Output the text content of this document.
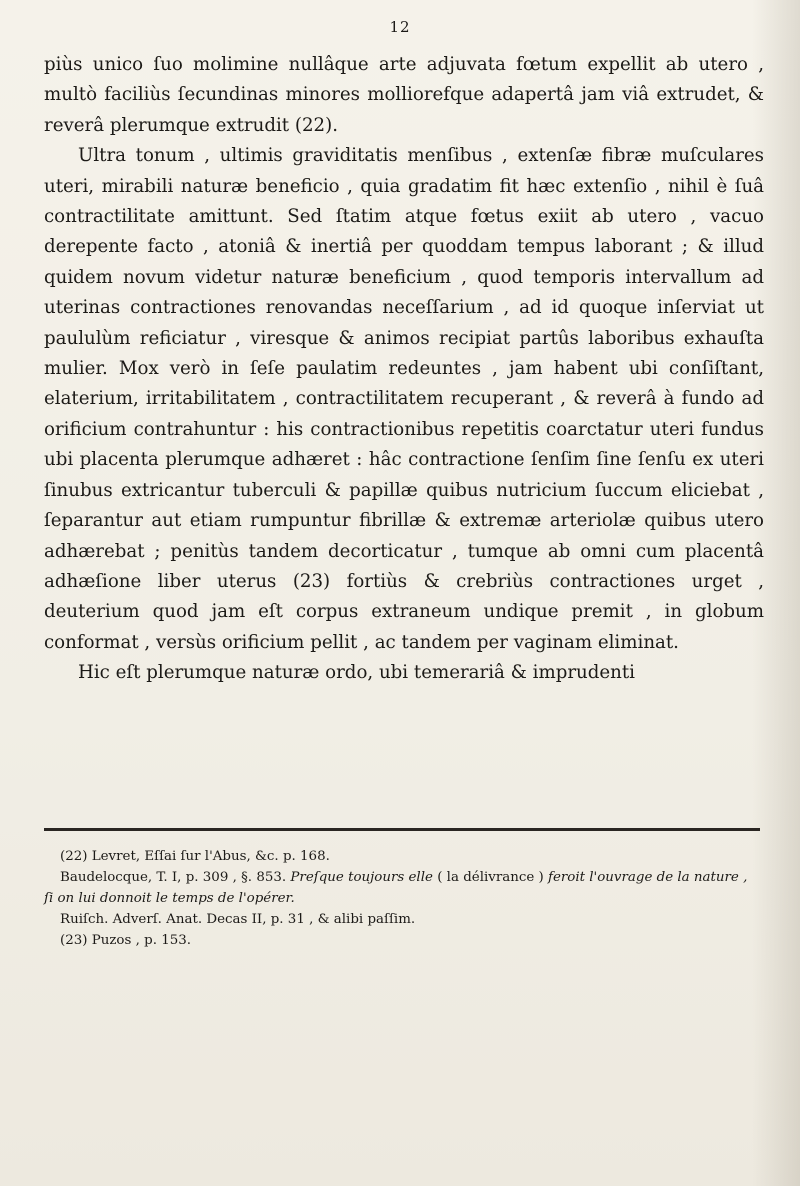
12

piùs unico ſuo molimine nullâque arte adjuvata fœtum expellit ab utero , multò faciliùs ſecundinas minores molliorefque adapertâ jam viâ extrudet, & reverâ plerumque extrudit (22).

Ultra tonum , ultimis graviditatis menſibus , extenſæ fibræ muſculares uteri, mirabili naturæ beneficio , quia gradatim fit hæc extenſio , nihil è ſuâ contractilitate amittunt. Sed ſtatim atque fœtus exiit ab utero , vacuo derepente facto , atoniâ & inertiâ per quoddam tempus laborant ; & illud quidem novum videtur naturæ beneficium , quod temporis intervallum ad uterinas contractiones renovandas neceſſarium , ad id quoque inſerviat ut paululùm reficiatur , viresque & animos recipiat partûs laboribus exhauſta mulier. Mox verò in ſeſe paulatim redeuntes , jam habent ubi conſiſtant, elaterium, irritabilitatem , contractilitatem recuperant , & reverâ à fundo ad orificium contrahuntur : his contractionibus repetitis coarctatur uteri fundus ubi placenta plerumque adhæret : hâc contractione ſenſim ſine ſenſu ex uteri ſinubus extricantur tuberculi & papillæ quibus nutricium ſuccum eliciebat , ſeparantur aut etiam rumpuntur fibrillæ & extremæ arteriolæ quibus utero adhærebat ; penitùs tandem decorticatur , tumque ab omni cum placentâ adhæſione liber uterus (23) fortiùs & crebriùs contractiones urget , deuterium quod jam eſt corpus extraneum undique premit , in globum conformat , versùs orificium pellit , ac tandem per vaginam eliminat.

Hic eſt plerumque naturæ ordo, ubi temerariâ & imprudenti

(22) Levret, Eſſai ſur l'Abus, &c. p. 168.

Baudelocque, T. I, p. 309 , §. 853. Preſque toujours elle ( la délivrance ) feroit l'ouvrage de la nature , ſi on lui donnoit le temps de l'opérer.

Ruiſch. Adverſ. Anat. Decas II, p. 31 , & alibi paſſim.

(23) Puzos , p. 153.
